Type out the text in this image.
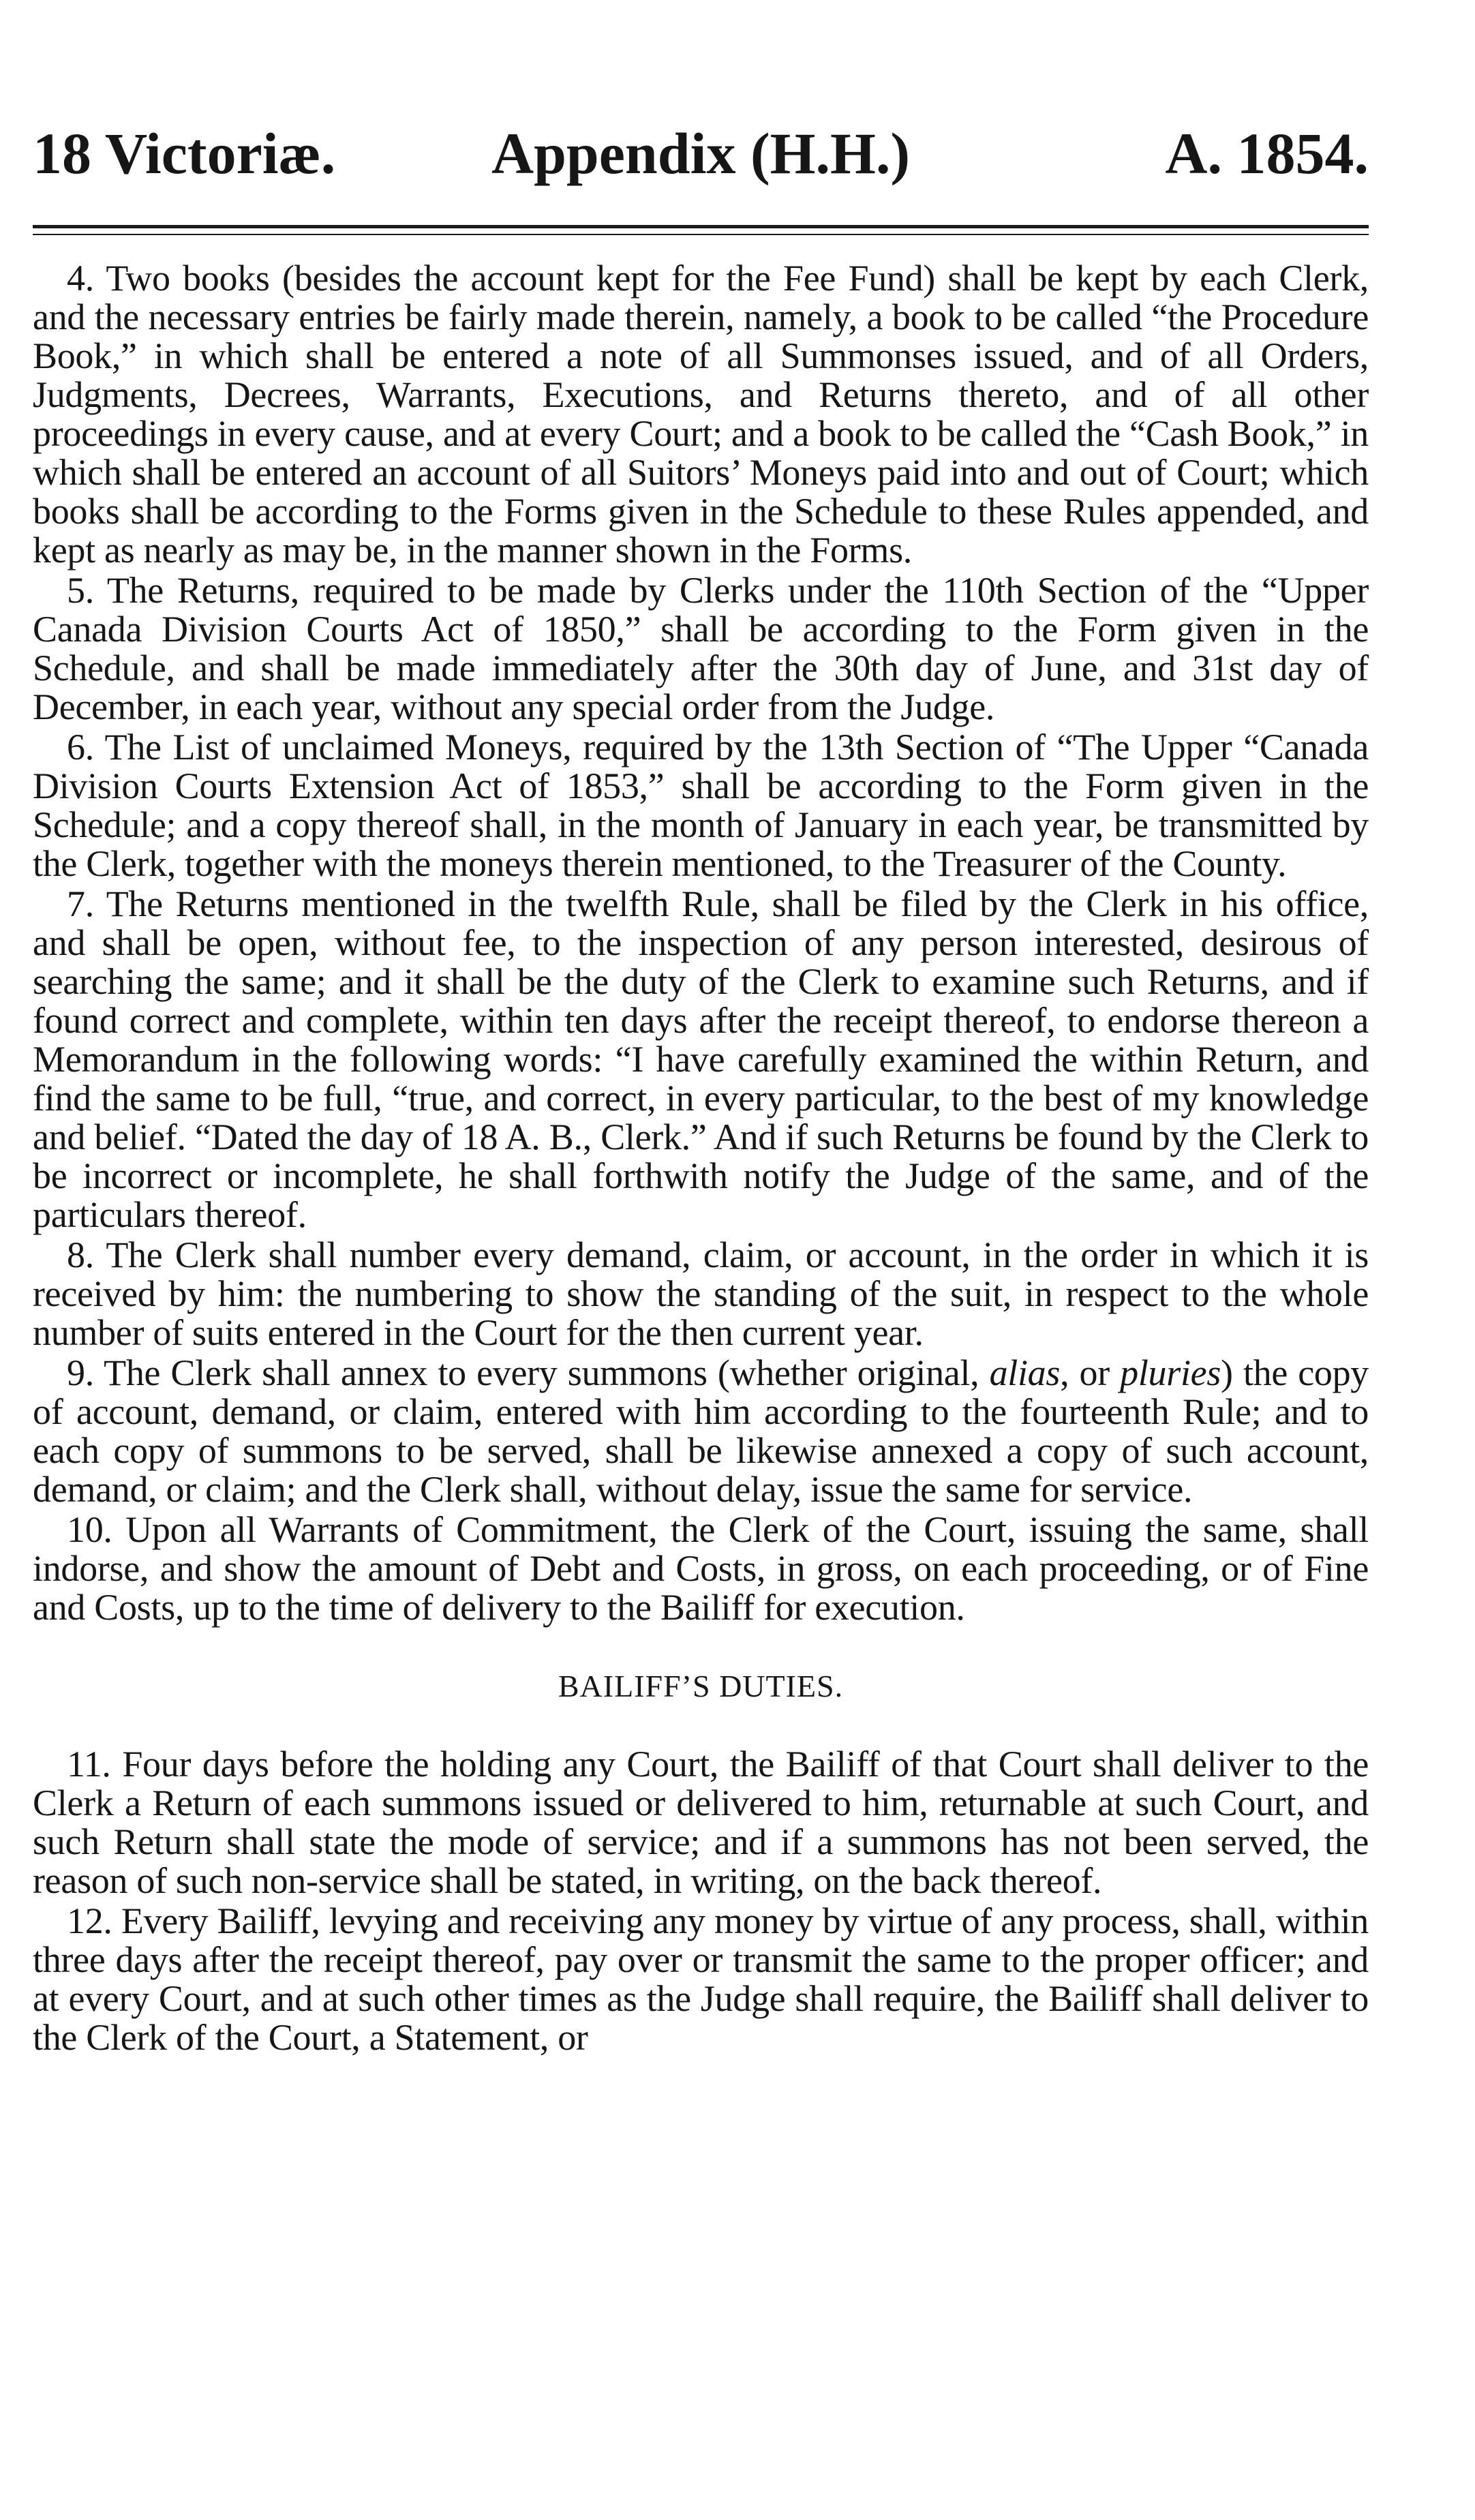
18 Victoriæ.	Appendix (H.H.)	A. 1854.

4. Two books (besides the account kept for the Fee Fund) shall be kept by each Clerk, and the necessary entries be fairly made therein, namely, a book to be called “the Procedure Book,” in which shall be entered a note of all Summonses issued, and of all Orders, Judgments, Decrees, Warrants, Executions, and Returns thereto, and of all other proceedings in every cause, and at every Court; and a book to be called the “Cash Book,” in which shall be entered an account of all Suitors’ Moneys paid into and out of Court; which books shall be according to the Forms given in the Schedule to these Rules appended, and kept as nearly as may be, in the manner shown in the Forms.

5. The Returns, required to be made by Clerks under the 110th Section of the “Upper Canada Division Courts Act of 1850,” shall be according to the Form given in the Schedule, and shall be made immediately after the 30th day of June, and 31st day of December, in each year, without any special order from the Judge.

6. The List of unclaimed Moneys, required by the 13th Section of “The Upper “Canada Division Courts Extension Act of 1853,” shall be according to the Form given in the Schedule; and a copy thereof shall, in the month of January in each year, be transmitted by the Clerk, together with the moneys therein mentioned, to the Treasurer of the County.

7. The Returns mentioned in the twelfth Rule, shall be filed by the Clerk in his office, and shall be open, without fee, to the inspection of any person interested, desirous of searching the same; and it shall be the duty of the Clerk to examine such Returns, and if found correct and complete, within ten days after the receipt thereof, to endorse thereon a Memorandum in the following words: “I have carefully examined the within Return, and find the same to be full, “true, and correct, in every particular, to the best of my knowledge and belief. “Dated the day of 18 A. B., Clerk.” And if such Returns be found by the Clerk to be incorrect or incomplete, he shall forthwith notify the Judge of the same, and of the particulars thereof.

8. The Clerk shall number every demand, claim, or account, in the order in which it is received by him: the numbering to show the standing of the suit, in respect to the whole number of suits entered in the Court for the then current year.

9. The Clerk shall annex to every summons (whether original, alias, or pluries) the copy of account, demand, or claim, entered with him according to the fourteenth Rule; and to each copy of summons to be served, shall be likewise annexed a copy of such account, demand, or claim; and the Clerk shall, without delay, issue the same for service.

10. Upon all Warrants of Commitment, the Clerk of the Court, issuing the same, shall indorse, and show the amount of Debt and Costs, in gross, on each proceeding, or of Fine and Costs, up to the time of delivery to the Bailiff for execution.

BAILIFF’S DUTIES.

11. Four days before the holding any Court, the Bailiff of that Court shall deliver to the Clerk a Return of each summons issued or delivered to him, returnable at such Court, and such Return shall state the mode of service; and if a summons has not been served, the reason of such non-service shall be stated, in writing, on the back thereof.

12. Every Bailiff, levying and receiving any money by virtue of any process, shall, within three days after the receipt thereof, pay over or transmit the same to the proper officer; and at every Court, and at such other times as the Judge shall require, the Bailiff shall deliver to the Clerk of the Court, a Statement, or
